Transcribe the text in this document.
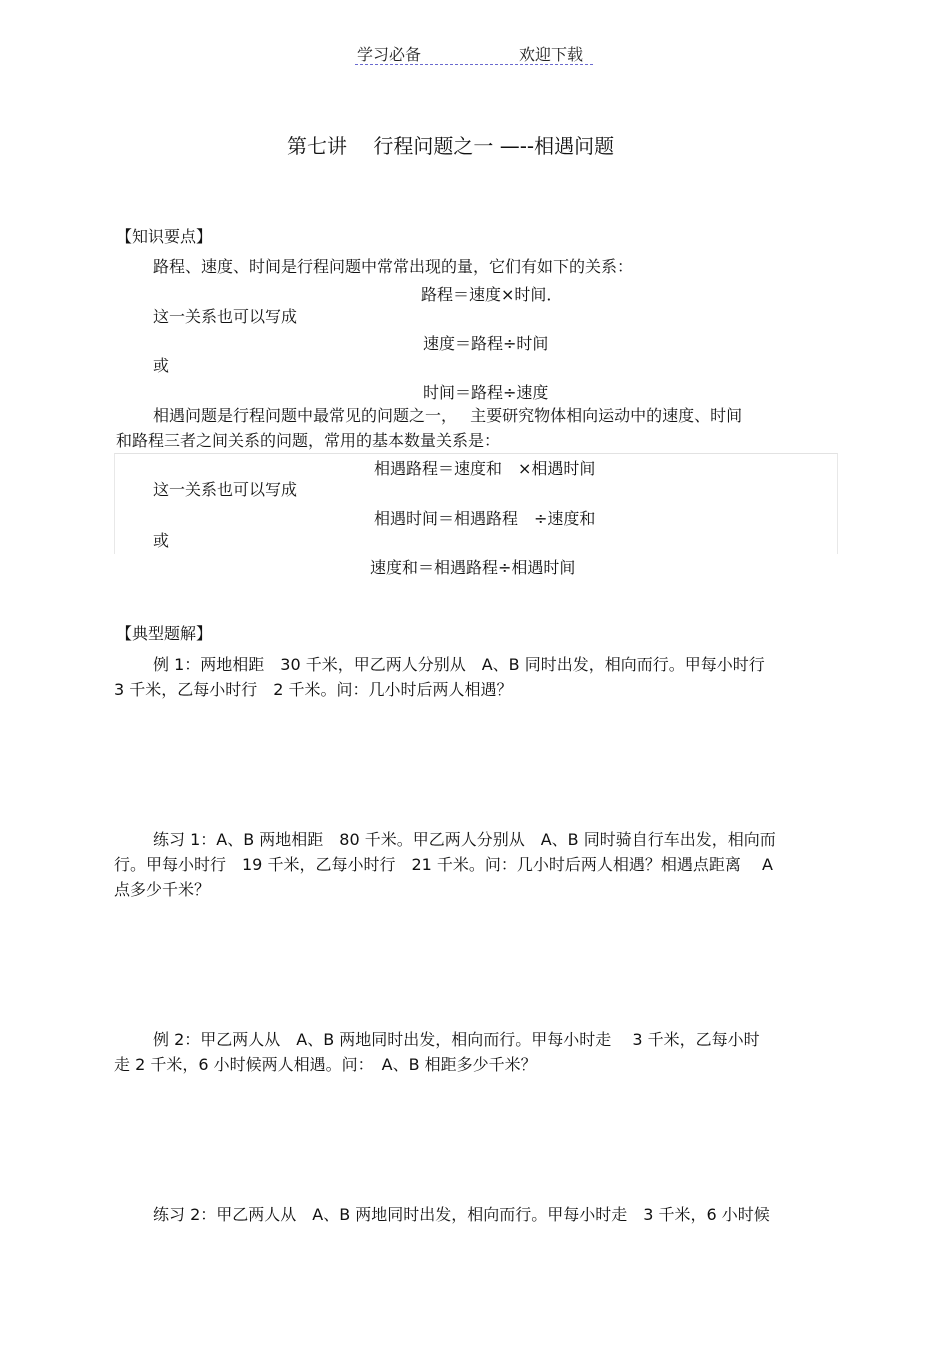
学习必备	欢迎下载
第七讲　 行程问题之一 —--相遇问题
【知识要点】
路程、速度、时间是行程问题中常常出现的量，它们有如下的关系：
路程＝速度×时间．
这一关系也可以写成
速度＝路程÷时间
或
时间＝路程÷速度
相遇问题是行程问题中最常见的问题之一，　 主要研究物体相向运动中的速度、时间
和路程三者之间关系的问题，常用的基本数量关系是：
相遇路程＝速度和　×相遇时间
这一关系也可以写成
相遇时间＝相遇路程　÷速度和
或
速度和＝相遇路程÷相遇时间
【典型题解】
例 1：两地相距　30 千米，甲乙两人分别从　A、B 同时出发，相向而行。甲每小时行
3 千米，乙每小时行　2 千米。问：几小时后两人相遇？
练习 1：A、B 两地相距　80 千米。甲乙两人分别从　A、B 同时骑自行车出发，相向而
行。甲每小时行　19 千米，乙每小时行　21 千米。问：几小时后两人相遇？相遇点距离　 A
点多少千米？
例 2：甲乙两人从　A、B 两地同时出发，相向而行。甲每小时走　 3 千米，乙每小时
走 2 千米，6 小时候两人相遇。问：　A、B 相距多少千米？
练习 2：甲乙两人从　A、B 两地同时出发，相向而行。甲每小时走　3 千米，6 小时候
